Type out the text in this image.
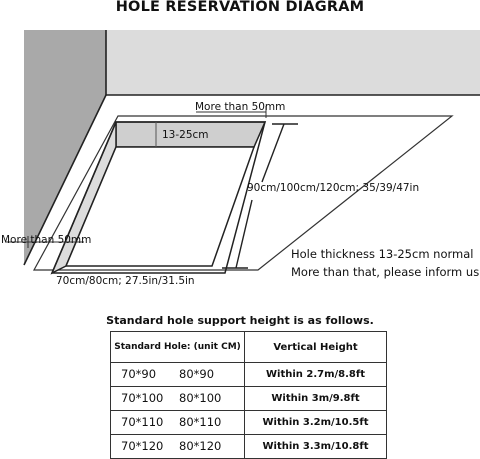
HOLE RESERVATION DIAGRAM
More than 50mm
13-25cm
90cm/100cm/120cm; 35/39/47in
More than 50mm
70cm/80cm; 27.5in/31.5in
Hole thickness 13-25cm normal
More than that, please inform us
Standard hole support height is as follows.
Standard Hole: (unit CM)	Vertical Height

70*90 80*90	Within 2.7m/8.8ft

70*100 80*100	Within 3m/9.8ft

70*110 80*110	Within 3.2m/10.5ft

70*120 80*120	Within 3.3m/10.8ft
